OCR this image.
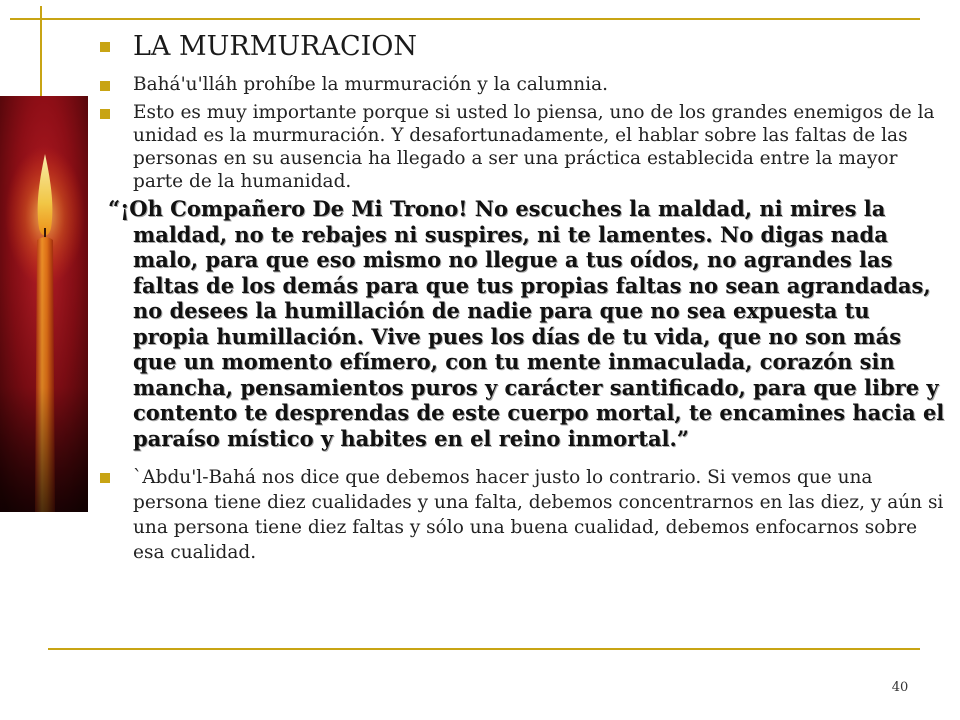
LA MURMURACION
Bahá'u'lláh prohíbe la murmuración y la calumnia.
Esto es muy importante porque si usted lo piensa, uno de los grandes enemigos de la unidad es la murmuración. Y desafortunadamente, el hablar sobre las faltas de las personas en su ausencia ha llegado a ser una práctica establecida entre la mayor parte de la humanidad.
“¡Oh Compañero De Mi Trono! No escuches la maldad, ni mires la maldad, no te rebajes ni suspires, ni te lamentes. No digas nada malo, para que eso mismo no llegue a tus oídos, no agrandes las faltas de los demás para que tus propias faltas no sean agrandadas, no desees la humillación de nadie para que no sea expuesta tu propia humillación. Vive pues los días de tu vida, que no son más que un momento efímero, con tu mente inmaculada, corazón sin mancha, pensamientos puros y carácter santificado, para que libre y contento te desprendas de este cuerpo mortal, te encamines hacia el paraíso místico y habites en el reino inmortal.”
`Abdu'l-Bahá nos dice que debemos hacer justo lo contrario. Si vemos que una persona tiene diez cualidades y una falta, debemos concentrarnos en las diez, y aún si una persona tiene diez faltas y sólo una buena cualidad, debemos enfocarnos sobre esa cualidad.
40
